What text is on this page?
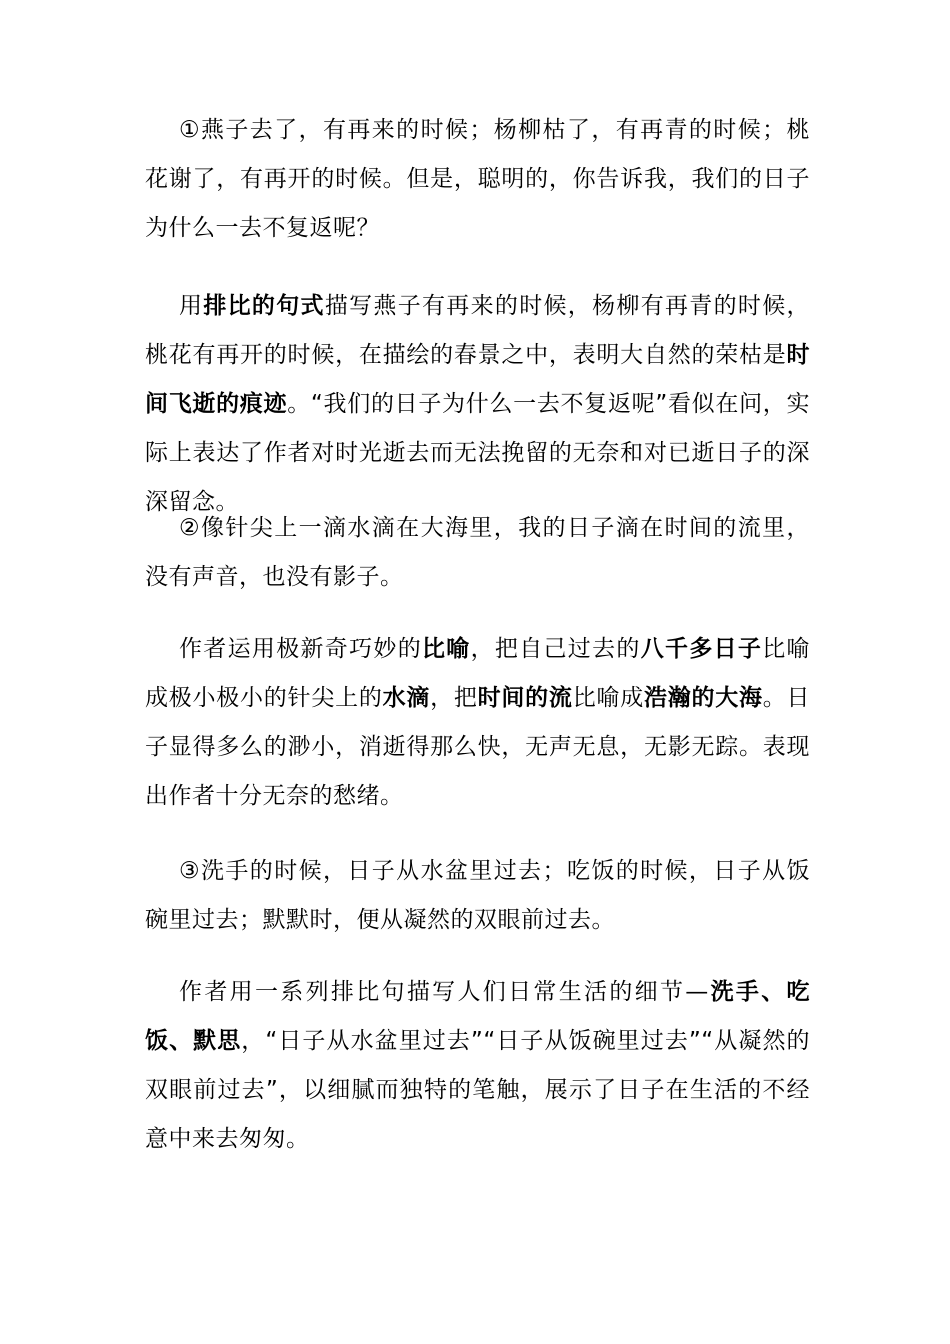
①燕子去了，有再来的时候；杨柳枯了，有再青的时候；桃花谢了，有再开的时候。但是，聪明的，你告诉我，我们的日子为什么一去不复返呢？

用排比的句式描写燕子有再来的时候，杨柳有再青的时候，桃花有再开的时候，在描绘的春景之中，表明大自然的荣枯是时间飞逝的痕迹。“我们的日子为什么一去不复返呢”看似在问，实际上表达了作者对时光逝去而无法挽留的无奈和对已逝日子的深深留念。

②像针尖上一滴水滴在大海里，我的日子滴在时间的流里，没有声音，也没有影子。

作者运用极新奇巧妙的比喻，把自己过去的八千多日子比喻成极小极小的针尖上的水滴，把时间的流比喻成浩瀚的大海。日子显得多么的渺小，消逝得那么快，无声无息，无影无踪。表现出作者十分无奈的愁绪。

③洗手的时候，日子从水盆里过去；吃饭的时候，日子从饭碗里过去；默默时，便从凝然的双眼前过去。

作者用一系列排比句描写人们日常生活的细节—洗手、吃饭、默思，“日子从水盆里过去”“日子从饭碗里过去”“从凝然的双眼前过去”，以细腻而独特的笔触，展示了日子在生活的不经意中来去匆匆。
